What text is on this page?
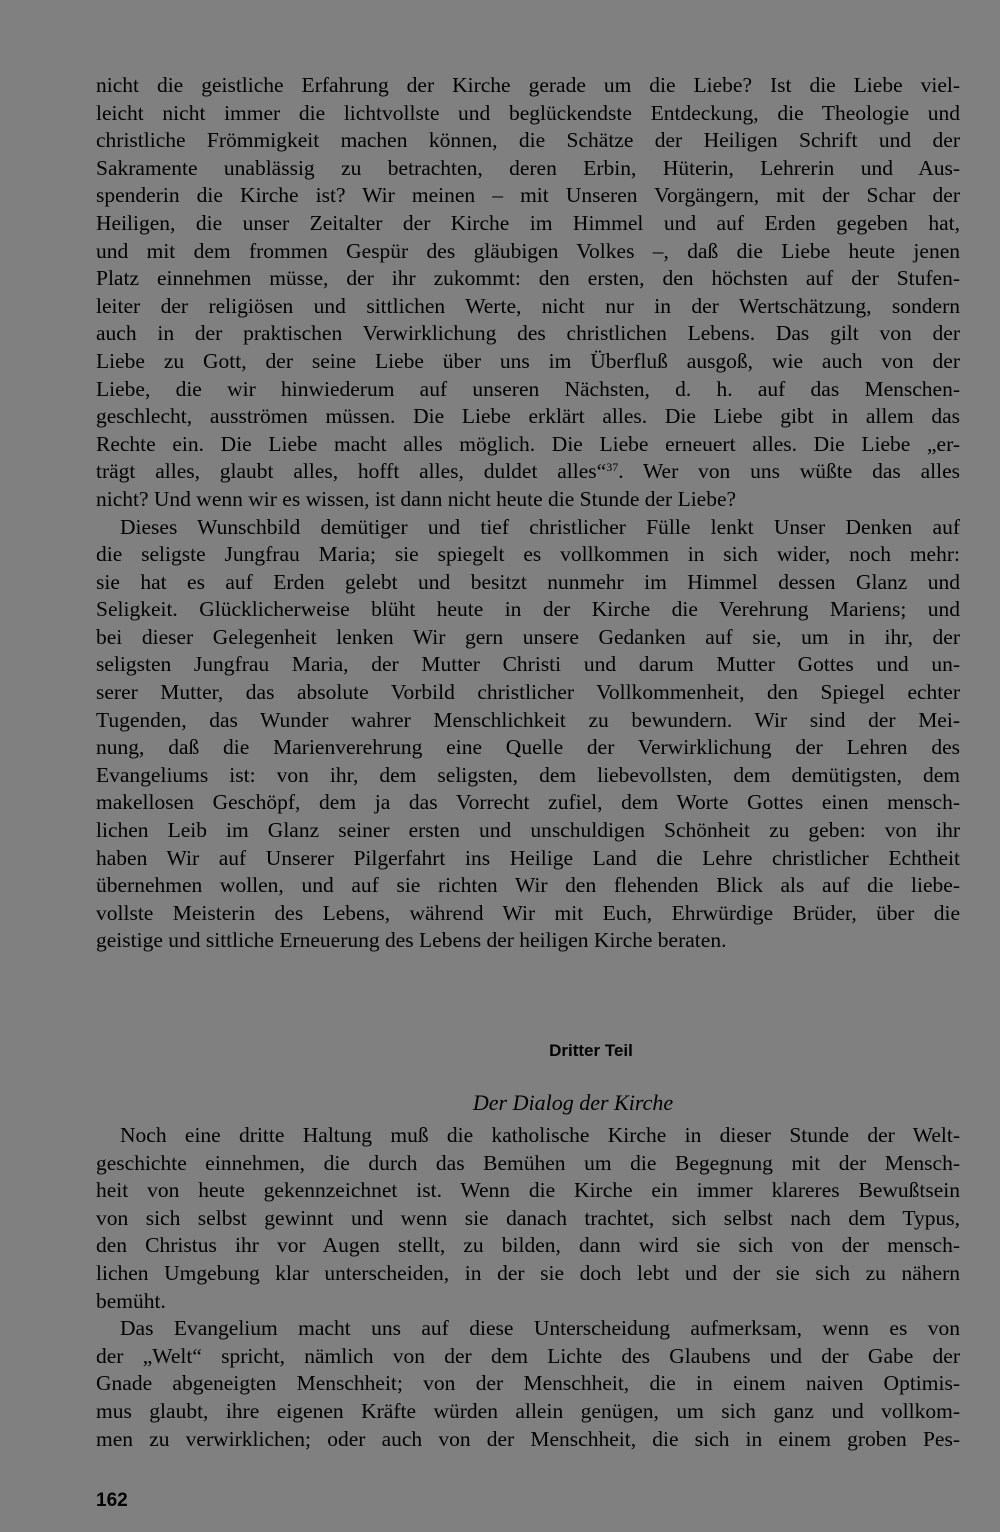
nicht die geistliche Erfahrung der Kirche gerade um die Liebe? Ist die Liebe viel-
leicht nicht immer die lichtvollste und beglückendste Entdeckung, die Theologie und
christliche Frömmigkeit machen können, die Schätze der Heiligen Schrift und der
Sakramente unablässig zu betrachten, deren Erbin, Hüterin, Lehrerin und Aus-
spenderin die Kirche ist? Wir meinen – mit Unseren Vorgängern, mit der Schar der
Heiligen, die unser Zeitalter der Kirche im Himmel und auf Erden gegeben hat,
und mit dem frommen Gespür des gläubigen Volkes –, daß die Liebe heute jenen
Platz einnehmen müsse, der ihr zukommt: den ersten, den höchsten auf der Stufen-
leiter der religiösen und sittlichen Werte, nicht nur in der Wertschätzung, sondern
auch in der praktischen Verwirklichung des christlichen Lebens. Das gilt von der
Liebe zu Gott, der seine Liebe über uns im Überfluß ausgoß, wie auch von der
Liebe, die wir hinwiederum auf unseren Nächsten, d. h. auf das Menschen-
geschlecht, ausströmen müssen. Die Liebe erklärt alles. Die Liebe gibt in allem das
Rechte ein. Die Liebe macht alles möglich. Die Liebe erneuert alles. Die Liebe „er-
trägt alles, glaubt alles, hofft alles, duldet alles“$^{37}$. Wer von uns wüßte das alles
nicht? Und wenn wir es wissen, ist dann nicht heute die Stunde der Liebe?
Dieses Wunschbild demütiger und tief christlicher Fülle lenkt Unser Denken auf
die seligste Jungfrau Maria; sie spiegelt es vollkommen in sich wider, noch mehr:
sie hat es auf Erden gelebt und besitzt nunmehr im Himmel dessen Glanz und
Seligkeit. Glücklicherweise blüht heute in der Kirche die Verehrung Mariens; und
bei dieser Gelegenheit lenken Wir gern unsere Gedanken auf sie, um in ihr, der
seligsten Jungfrau Maria, der Mutter Christi und darum Mutter Gottes und un-
serer Mutter, das absolute Vorbild christlicher Vollkommenheit, den Spiegel echter
Tugenden, das Wunder wahrer Menschlichkeit zu bewundern. Wir sind der Mei-
nung, daß die Marienverehrung eine Quelle der Verwirklichung der Lehren des
Evangeliums ist: von ihr, dem seligsten, dem liebevollsten, dem demütigsten, dem
makellosen Geschöpf, dem ja das Vorrecht zufiel, dem Worte Gottes einen mensch-
lichen Leib im Glanz seiner ersten und unschuldigen Schönheit zu geben: von ihr
haben Wir auf Unserer Pilgerfahrt ins Heilige Land die Lehre christlicher Echtheit
übernehmen wollen, und auf sie richten Wir den flehenden Blick als auf die liebe-
vollste Meisterin des Lebens, während Wir mit Euch, Ehrwürdige Brüder, über die
geistige und sittliche Erneuerung des Lebens der heiligen Kirche beraten.
Dritter Teil
Der Dialog der Kirche
Noch eine dritte Haltung muß die katholische Kirche in dieser Stunde der Welt-
geschichte einnehmen, die durch das Bemühen um die Begegnung mit der Mensch-
heit von heute gekennzeichnet ist. Wenn die Kirche ein immer klareres Bewußtsein
von sich selbst gewinnt und wenn sie danach trachtet, sich selbst nach dem Typus,
den Christus ihr vor Augen stellt, zu bilden, dann wird sie sich von der mensch-
lichen Umgebung klar unterscheiden, in der sie doch lebt und der sie sich zu nähern
bemüht.
Das Evangelium macht uns auf diese Unterscheidung aufmerksam, wenn es von
der „Welt“ spricht, nämlich von der dem Lichte des Glaubens und der Gabe der
Gnade abgeneigten Menschheit; von der Menschheit, die in einem naiven Optimis-
mus glaubt, ihre eigenen Kräfte würden allein genügen, um sich ganz und vollkom-
men zu verwirklichen; oder auch von der Menschheit, die sich in einem groben Pes-
162
